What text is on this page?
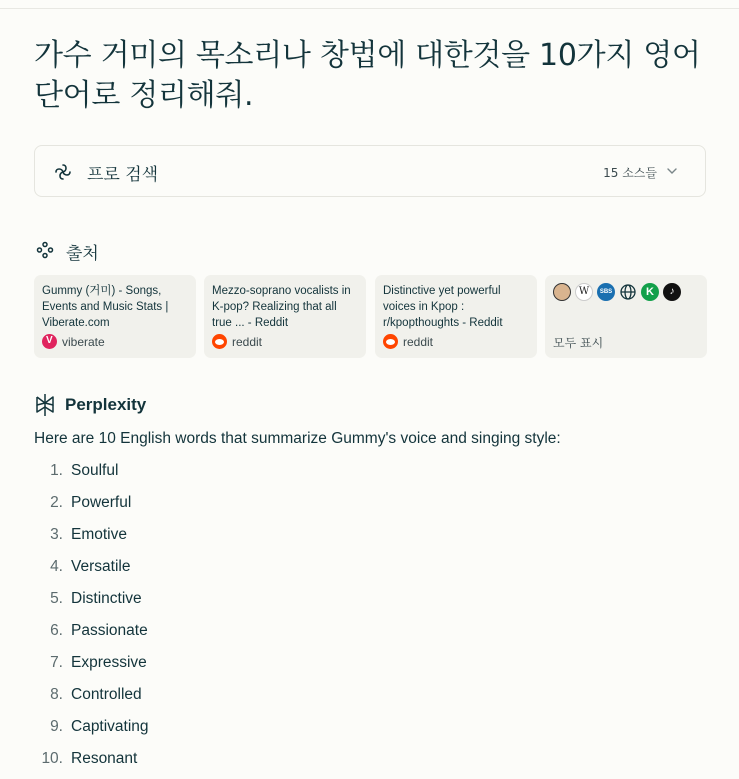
가수 거미의 목소리나 창법에 대한것을 10가지 영어 단어로 정리해줘.
프로 검색	15 소스들
출처
Gummy (거미) - Songs, Events and Music Stats | Viberate.com
Vviberate
Mezzo-soprano vocalists in K-pop? Realizing that all true ... - Reddit
reddit
Distinctive yet powerful voices in Kpop : r/kpopthoughts - Reddit
reddit
W	SBS	K	♪
모두 표시
Perplexity
Here are 10 English words that summarize Gummy's voice and singing style:
1. Soulful
2. Powerful
3. Emotive
4. Versatile
5. Distinctive
6. Passionate
7. Expressive
8. Controlled
9. Captivating
10. Resonant
